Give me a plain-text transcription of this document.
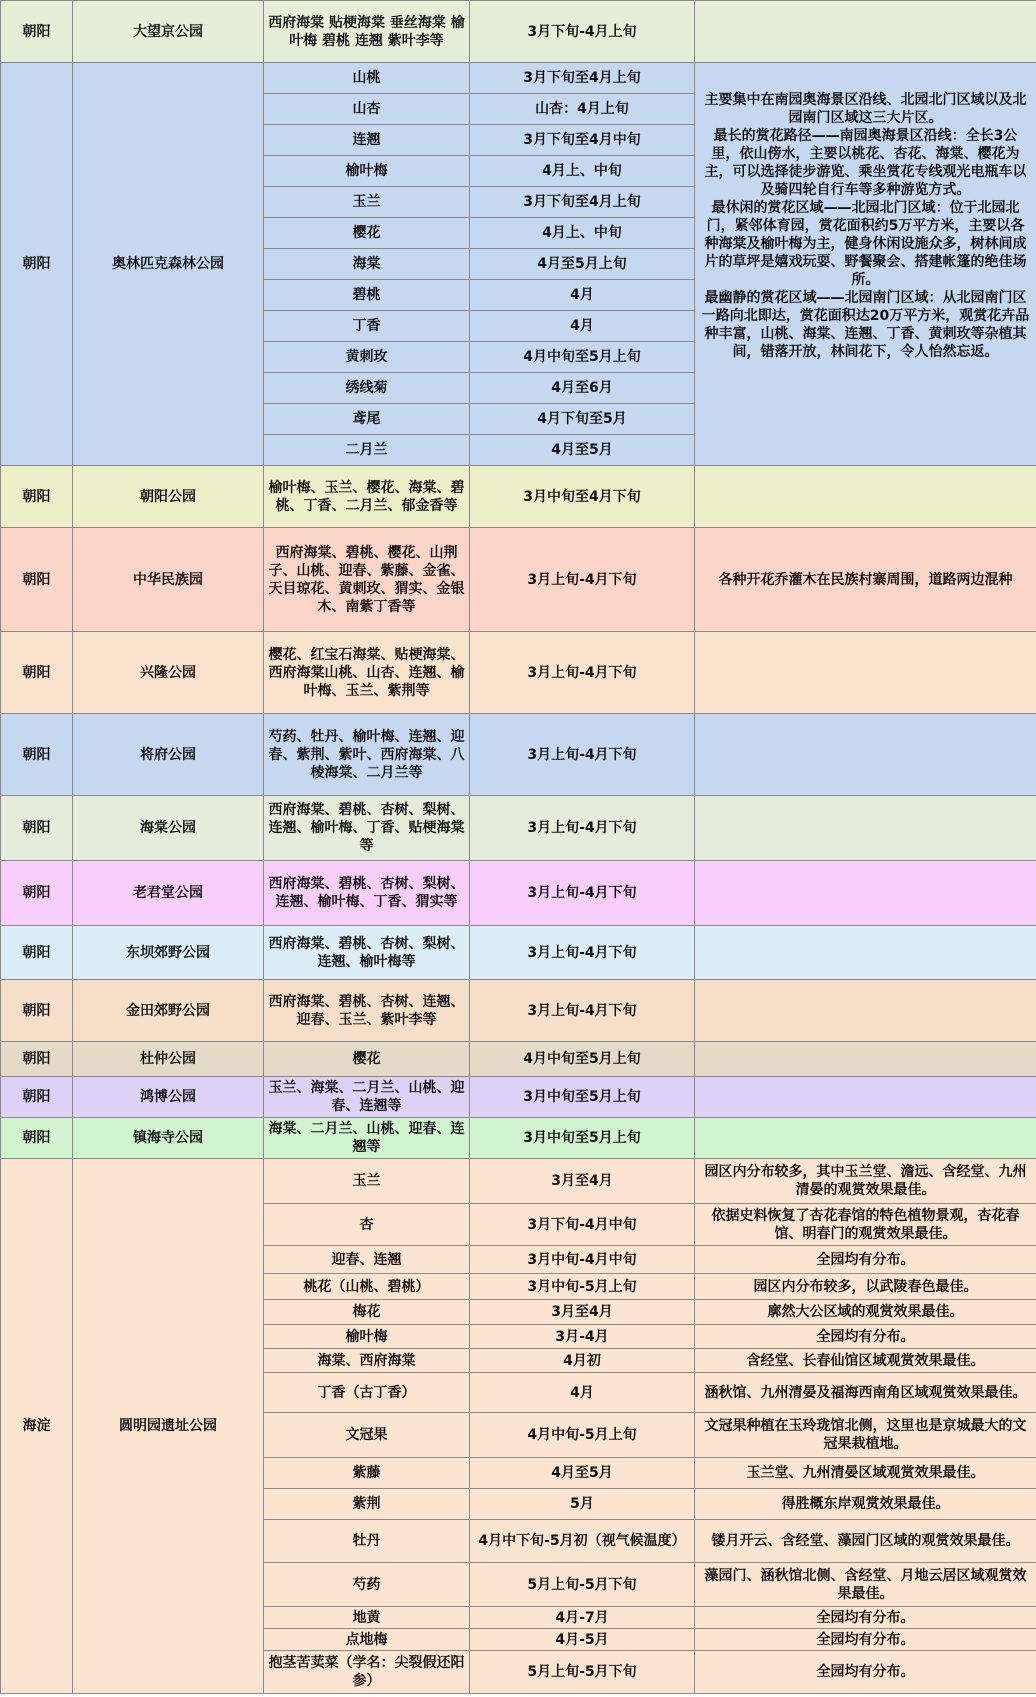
朝阳	大望京公园	西府海棠 贴梗海棠 垂丝海棠 榆叶梅 碧桃 连翘 紫叶李等	3月下旬-4月上旬	
朝阳	奥林匹克森林公园	山桃	3月下旬至4月上旬	主要集中在南园奥海景区沿线、北园北门区域以及北园南门区域这三大片区。
最长的赏花路径——南园奥海景区沿线：全长3公里，依山傍水，主要以桃花、杏花、海棠、樱花为主，可以选择徒步游览、乘坐赏花专线观光电瓶车以及骑四轮自行车等多种游览方式。
最休闲的赏花区域——北园北门区域：位于北园北门，紧邻体育园，赏花面积约5万平方米，主要以各种海棠及榆叶梅为主，健身休闲设施众多，树林间成片的草坪是嬉戏玩耍、野餐聚会、搭建帐篷的绝佳场所。
最幽静的赏花区域——北园南门区域：从北园南门区一路向北即达，赏花面积达20万平方米，观赏花卉品种丰富，山桃、海棠、连翘、丁香、黄刺玫等杂植其间，错落开放，林间花下，令人怡然忘返。
		山杏	山杏：4月上旬	
		连翘	3月下旬至4月中旬	
		榆叶梅	4月上、中旬	
		玉兰	3月下旬至4月上旬	
		樱花	4月上、中旬	
		海棠	4月至5月上旬	
		碧桃	4月	
		丁香	4月	
		黄刺玫	4月中旬至5月上旬	
		绣线菊	4月至6月	
		鸢尾	4月下旬至5月	
		二月兰	4月至5月	
朝阳	朝阳公园	榆叶梅、玉兰、樱花、海棠、碧桃、丁香、二月兰、郁金香等	3月中旬至4月下旬	
朝阳	中华民族园	西府海棠、碧桃、樱花、山荆子、山桃、迎春、紫藤、金雀、天目琼花、黄刺玫、猬实、金银木、南紫丁香等	3月上旬-4月下旬	各种开花乔灌木在民族村寨周围，道路两边混种
朝阳	兴隆公园	樱花、红宝石海棠、贴梗海棠、西府海棠山桃、山杏、连翘、榆叶梅、玉兰、紫荆等	3月上旬-4月下旬	
朝阳	将府公园	芍药、牡丹、榆叶梅、连翘、迎春、紫荆、紫叶、西府海棠、八棱海棠、二月兰等	3月上旬-4月下旬	
朝阳	海棠公园	西府海棠、碧桃、杏树、梨树、连翘、榆叶梅、丁香、贴梗海棠等	3月上旬-4月下旬	
朝阳	老君堂公园	西府海棠、碧桃、杏树、梨树、连翘、榆叶梅、丁香、猬实等	3月上旬-4月下旬	
朝阳	东坝郊野公园	西府海棠、碧桃、杏树、梨树、连翘、榆叶梅等	3月上旬-4月下旬	
朝阳	金田郊野公园	西府海棠、碧桃、杏树、连翘、迎春、玉兰、紫叶李等	3月上旬-4月下旬	
朝阳	杜仲公园	樱花	4月中旬至5月上旬	
朝阳	鸿博公园	玉兰、海棠、二月兰、山桃、迎春、连翘等	3月中旬至5月上旬	
朝阳	镇海寺公园	海棠、二月兰、山桃、迎春、连翘等	3月中旬至5月上旬	
海淀	圆明园遗址公园	玉兰	3月至4月	园区内分布较多，其中玉兰堂、澹远、含经堂、九州清晏的观赏效果最佳。
		杏	3月下旬-4月中旬	依据史料恢复了杏花春馆的特色植物景观，杏花春馆、明春门的观赏效果最佳。
		迎春、连翘	3月中旬-4月中旬	全园均有分布。
		桃花（山桃、碧桃）	3月中旬-5月上旬	园区内分布较多，以武陵春色最佳。
		梅花	3月至4月	廓然大公区域的观赏效果最佳。
		榆叶梅	3月-4月	全园均有分布。
		海棠、西府海棠	4月初	含经堂、长春仙馆区域观赏效果最佳。
		丁香（古丁香）	4月	涵秋馆、九州清晏及福海西南角区域观赏效果最佳。
		文冠果	4月中旬-5月上旬	文冠果种植在玉玲珑馆北侧，这里也是京城最大的文冠果栽植地。
		紫藤	4月至5月	玉兰堂、九州清晏区域观赏效果最佳。
		紫荆	5月	得胜概东岸观赏效果最佳。
		牡丹	4月中下旬-5月初（视气候温度）	镂月开云、含经堂、藻园门区域的观赏效果最佳。
		芍药	5月上旬-5月下旬	藻园门、涵秋馆北侧、含经堂、月地云居区域观赏效果最佳。
		地黄	4月-7月	全园均有分布。
		点地梅	4月-5月	全园均有分布。
		抱茎苦荬菜（学名：尖裂假还阳参）	5月上旬-5月下旬	全园均有分布。
